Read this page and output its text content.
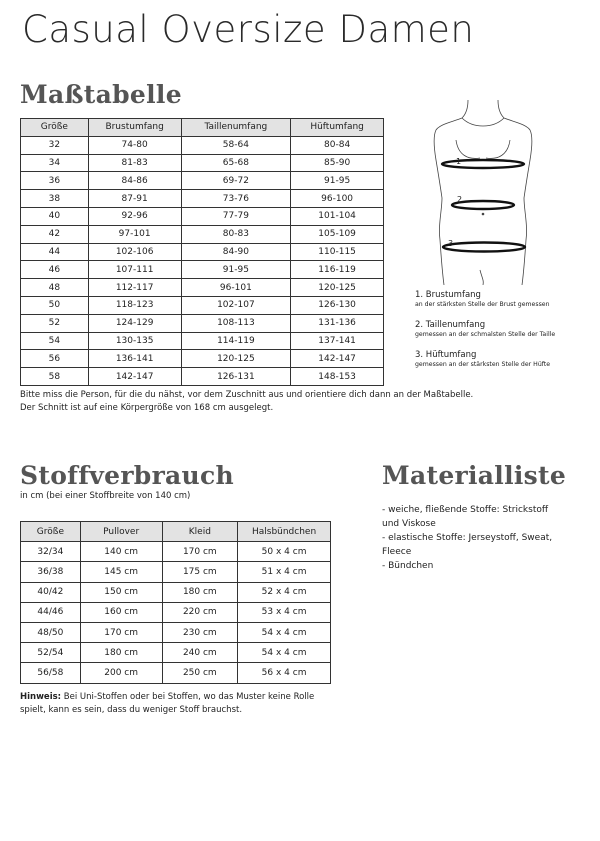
Casual Oversize Damen
Maßtabelle
Größe	Brustumfang	Taillenumfang	Hüftumfang
32	74-80	58-64	80-84
34	81-83	65-68	85-90
36	84-86	69-72	91-95
38	87-91	73-76	96-100
40	92-96	77-79	101-104
42	97-101	80-83	105-109
44	102-106	84-90	110-115
46	107-111	91-95	116-119
48	112-117	96-101	120-125
50	118-123	102-107	126-130
52	124-129	108-113	131-136
54	130-135	114-119	137-141
56	136-141	120-125	142-147
58	142-147	126-131	148-153
Bitte miss die Person, für die du nähst, vor dem Zuschnitt aus und orientiere dich dann an der Maßtabelle.
Der Schnitt ist auf eine Körpergröße von 168 cm ausgelegt.
1
2
3
1. Brustumfang
an der stärksten Stelle der Brust gemessen
2. Taillenumfang
gemessen an der schmalsten Stelle der Taille
3. Hüftumfang
gemessen an der stärksten Stelle der Hüfte
Stoffverbrauch
in cm (bei einer Stoffbreite von 140 cm)
Größe	Pullover	Kleid	Halsbündchen
32/34	140 cm	170 cm	50 x 4 cm
36/38	145 cm	175 cm	51 x 4 cm
40/42	150 cm	180 cm	52 x 4 cm
44/46	160 cm	220 cm	53 x 4 cm
48/50	170 cm	230 cm	54 x 4 cm
52/54	180 cm	240 cm	54 x 4 cm
56/58	200 cm	250 cm	56 x 4 cm
Hinweis: Bei Uni-Stoffen oder bei Stoffen, wo das Muster keine Rolle
spielt, kann es sein, dass du weniger Stoff brauchst.
Materialliste
- weiche, fließende Stoffe: Strickstoff
und Viskose
- elastische Stoffe: Jerseystoff, Sweat,
Fleece
- Bündchen
